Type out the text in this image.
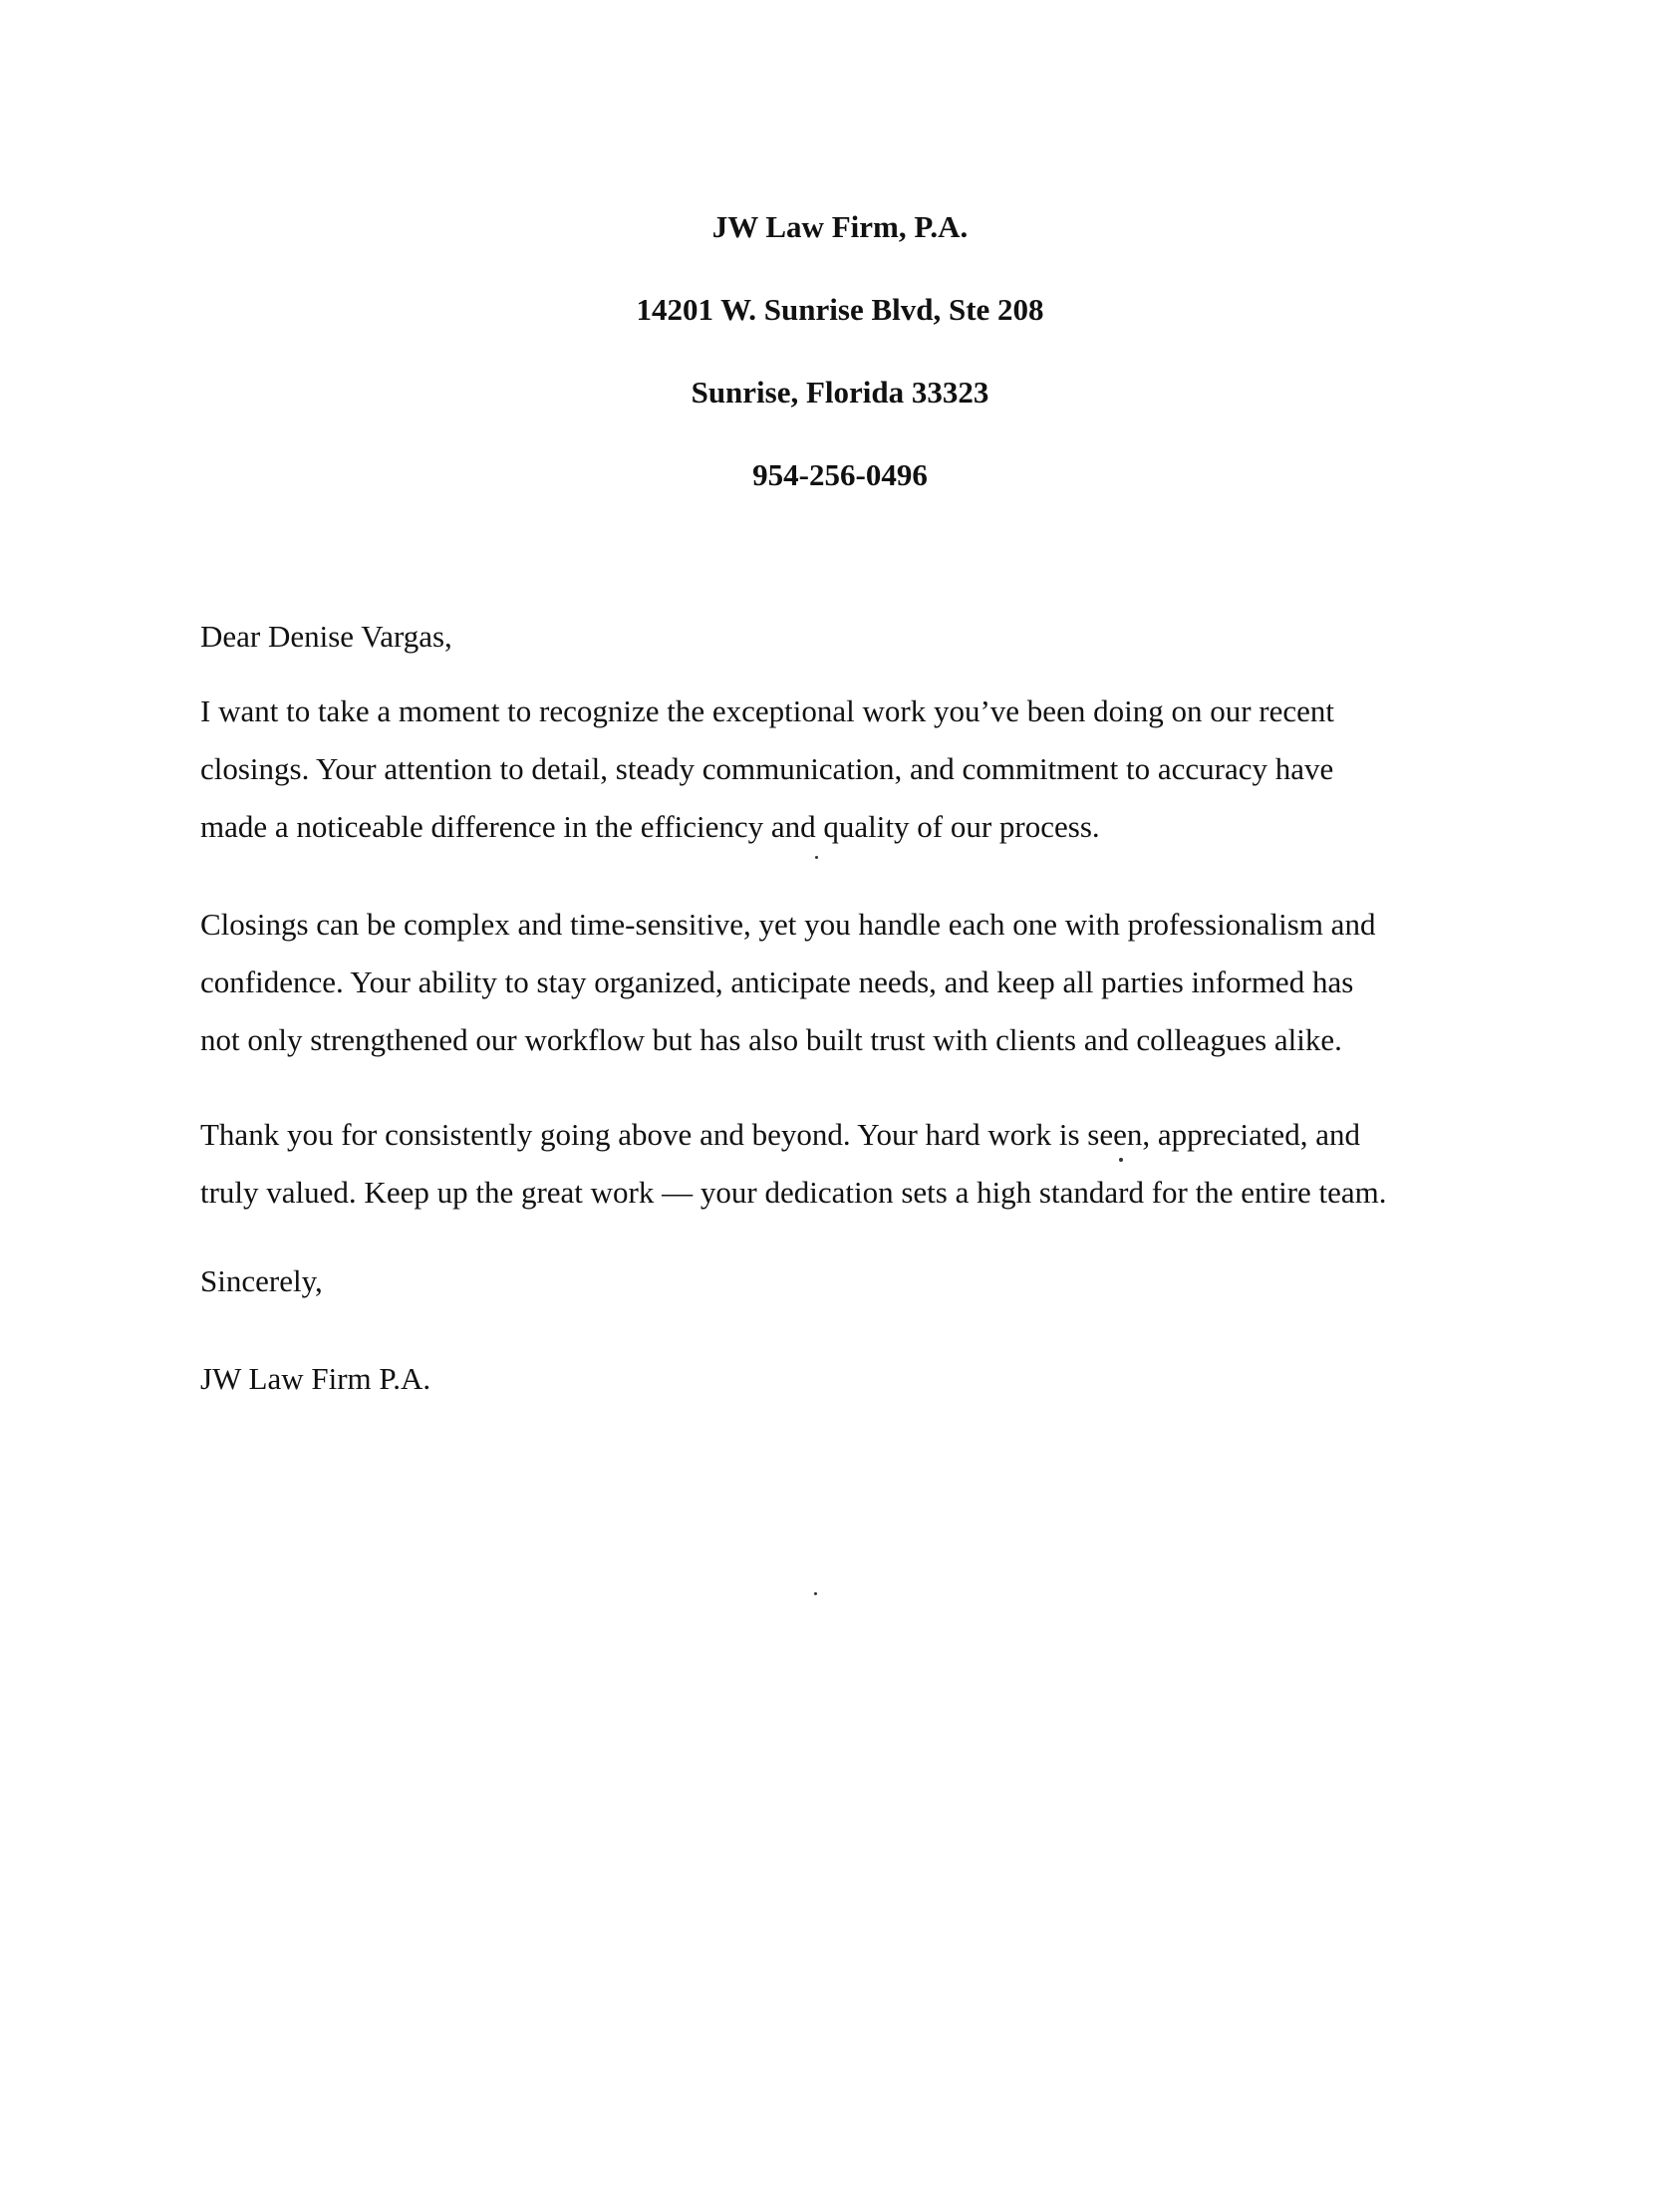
JW Law Firm, P.A.
14201 W. Sunrise Blvd, Ste 208
Sunrise, Florida 33323
954-256-0496
Dear Denise Vargas,
I want to take a moment to recognize the exceptional work you’ve been doing on our recent
closings. Your attention to detail, steady communication, and commitment to accuracy have
made a noticeable difference in the efficiency and quality of our process.
Closings can be complex and time-sensitive, yet you handle each one with professionalism and
confidence. Your ability to stay organized, anticipate needs, and keep all parties informed has
not only strengthened our workflow but has also built trust with clients and colleagues alike.
Thank you for consistently going above and beyond. Your hard work is seen, appreciated, and
truly valued. Keep up the great work — your dedication sets a high standard for the entire team.
Sincerely,
JW Law Firm P.A.
